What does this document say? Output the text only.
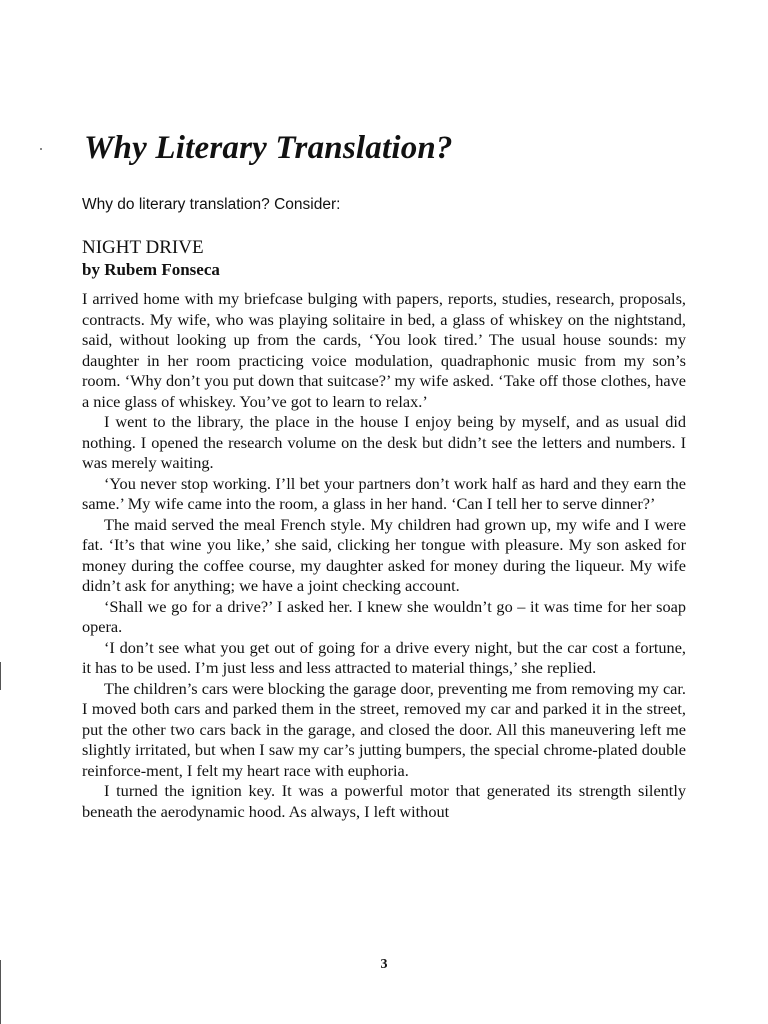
Why Literary Translation?

Why do literary translation? Consider:

NIGHT DRIVE

by Rubem Fonseca

I arrived home with my briefcase bulging with papers, reports, studies, research, proposals, contracts. My wife, who was playing solitaire in bed, a glass of whiskey on the nightstand, said, without looking up from the cards, ‘You look tired.’ The usual house sounds: my daughter in her room practicing voice modulation, quadraphonic music from my son’s room. ‘Why don’t you put down that suitcase?’ my wife asked. ‘Take off those clothes, have a nice glass of whiskey. You’ve got to learn to relax.’

I went to the library, the place in the house I enjoy being by myself, and as usual did nothing. I opened the research volume on the desk but didn’t see the letters and numbers. I was merely waiting.

‘You never stop working. I’ll bet your partners don’t work half as hard and they earn the same.’ My wife came into the room, a glass in her hand. ‘Can I tell her to serve dinner?’

The maid served the meal French style. My children had grown up, my wife and I were fat. ‘It’s that wine you like,’ she said, clicking her tongue with pleasure. My son asked for money during the coffee course, my daughter asked for money during the liqueur. My wife didn’t ask for anything; we have a joint checking account.

‘Shall we go for a drive?’ I asked her. I knew she wouldn’t go – it was time for her soap opera.

‘I don’t see what you get out of going for a drive every night, but the car cost a fortune, it has to be used. I’m just less and less attracted to material things,’ she replied.

The children’s cars were blocking the garage door, preventing me from removing my car. I moved both cars and parked them in the street, removed my car and parked it in the street, put the other two cars back in the garage, and closed the door. All this maneuvering left me slightly irritated, but when I saw my car’s jutting bumpers, the special chrome-plated double reinforce-ment, I felt my heart race with euphoria.

I turned the ignition key. It was a powerful motor that generated its strength silently beneath the aerodynamic hood. As always, I left without

3
